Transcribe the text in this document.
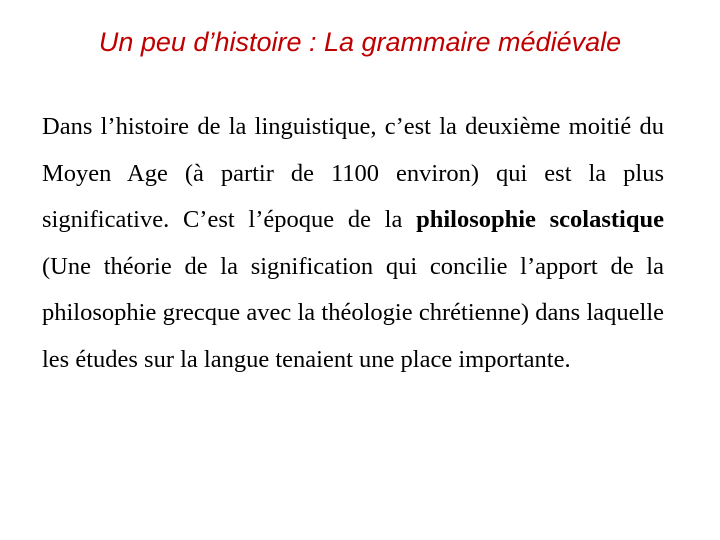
Un peu d’histoire : La grammaire médiévale

Dans l’histoire de la linguistique, c’est la deuxième moitié du Moyen Age (à partir de 1100 environ) qui est la plus significative. C’est l’époque de la philosophie scolastique (Une théorie de la signification qui concilie l’apport de la philosophie grecque avec la théologie chrétienne) dans laquelle les études sur la langue tenaient une place importante.
